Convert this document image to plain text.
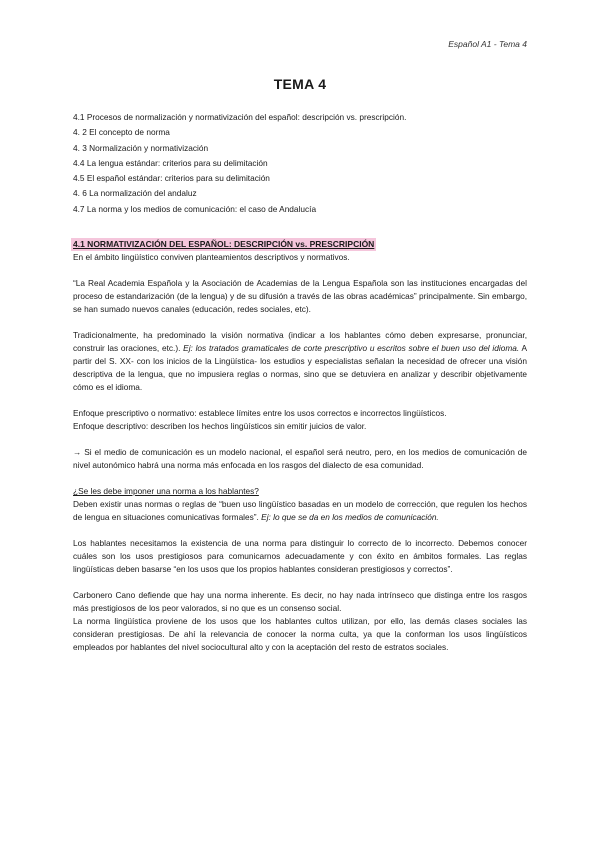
Español A1 - Tema 4
TEMA 4
4.1 Procesos de normalización y normativización del español: descripción vs. prescripción.
4. 2 El concepto de norma
4. 3 Normalización y normativización
4.4 La lengua estándar: criterios para su delimitación
4.5 El español estándar: criterios para su delimitación
4. 6 La normalización del andaluz
4.7 La norma y los medios de comunicación: el caso de Andalucía
4.1 NORMATIVIZACIÓN DEL ESPAÑOL: DESCRIPCIÓN vs. PRESCRIPCIÓN

En el ámbito lingüístico conviven planteamientos descriptivos y normativos.

“La Real Academia Española y la Asociación de Academias de la Lengua Española son las instituciones encargadas del proceso de estandarización (de la lengua) y de su difusión a través de las obras académicas” principalmente. Sin embargo, se han sumado nuevos canales (educación, redes sociales, etc).

Tradicionalmente, ha predominado la visión normativa (indicar a los hablantes cómo deben expresarse, pronunciar, construir las oraciones, etc.). Ej: los tratados gramaticales de corte prescriptivo u escritos sobre el buen uso del idioma. A partir del S. XX- con los inicios de la Lingüística- los estudios y especialistas señalan la necesidad de ofrecer una visión descriptiva de la lengua, que no impusiera reglas o normas, sino que se detuviera en analizar y describir objetivamente cómo es el idioma.

Enfoque prescriptivo o normativo: establece límites entre los usos correctos e incorrectos lingüísticos.

Enfoque descriptivo: describen los hechos lingüísticos sin emitir juicios de valor.

→ Si el medio de comunicación es un modelo nacional, el español será neutro, pero, en los medios de comunicación de nivel autonómico habrá una norma más enfocada en los rasgos del dialecto de esa comunidad.

¿Se les debe imponer una norma a los hablantes?

Deben existir unas normas o reglas de “buen uso lingüístico basadas en un modelo de corrección, que regulen los hechos de lengua en situaciones comunicativas formales”. Ej: lo que se da en los medios de comunicación.

Los hablantes necesitamos la existencia de una norma para distinguir lo correcto de lo incorrecto. Debemos conocer cuáles son los usos prestigiosos para comunicarnos adecuadamente y con éxito en ámbitos formales. Las reglas lingüísticas deben basarse “en los usos que los propios hablantes consideran prestigiosos y correctos”.

Carbonero Cano defiende que hay una norma inherente. Es decir, no hay nada intrínseco que distinga entre los rasgos más prestigiosos de los peor valorados, si no que es un consenso social.

La norma lingüística proviene de los usos que los hablantes cultos utilizan, por ello, las demás clases sociales las consideran prestigiosas. De ahí la relevancia de conocer la norma culta, ya que la conforman los usos lingüísticos empleados por hablantes del nivel sociocultural alto y con la aceptación del resto de estratos sociales.
